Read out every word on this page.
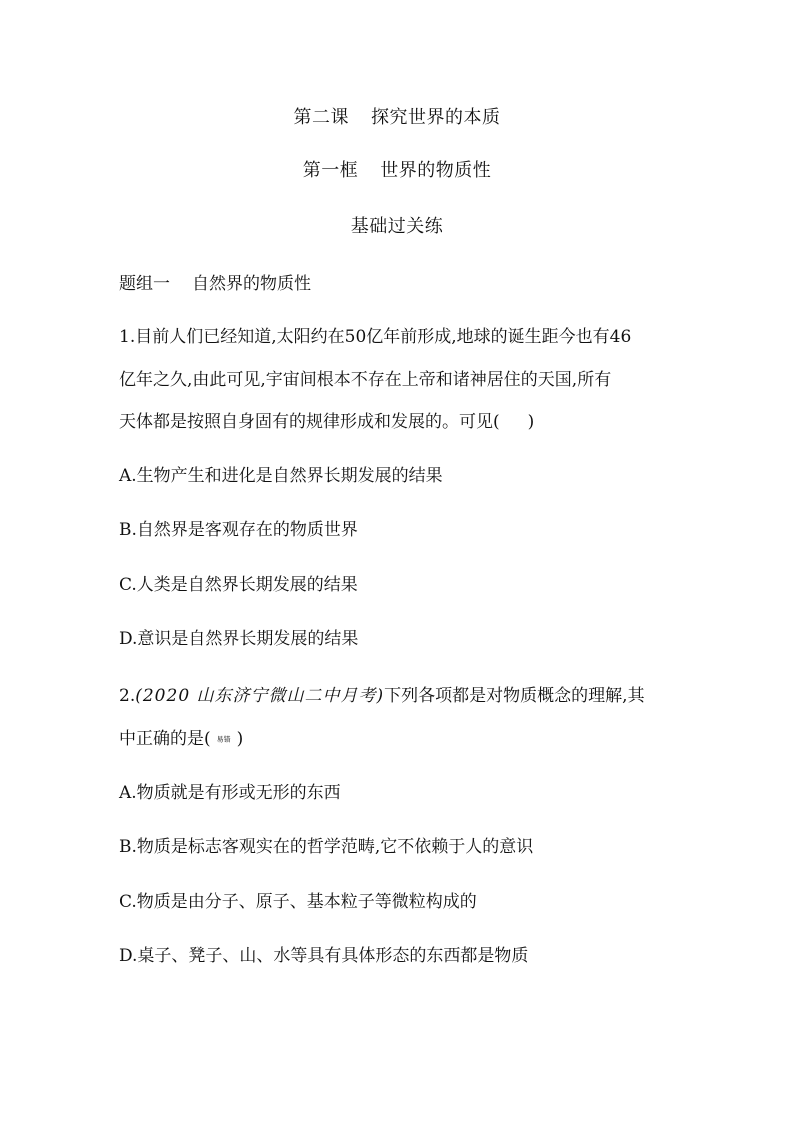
第二课 探究世界的本质
第一框 世界的物质性
基础过关练
题组一 自然界的物质性
1.目前人们已经知道,太阳约在50亿年前形成,地球的诞生距今也有46
亿年之久,由此可见,宇宙间根本不存在上帝和诸神居住的天国,所有
天体都是按照自身固有的规律形成和发展的。可见( )
A.生物产生和进化是自然界长期发展的结果
B.自然界是客观存在的物质世界
C.人类是自然界长期发展的结果
D.意识是自然界长期发展的结果
2.(2020 山东济宁微山二中月考)下列各项都是对物质概念的理解,其
中正确的是( 易错 )
A.物质就是有形或无形的东西
B.物质是标志客观实在的哲学范畴,它不依赖于人的意识
C.物质是由分子、原子、基本粒子等微粒构成的
D.桌子、凳子、山、水等具有具体形态的东西都是物质
